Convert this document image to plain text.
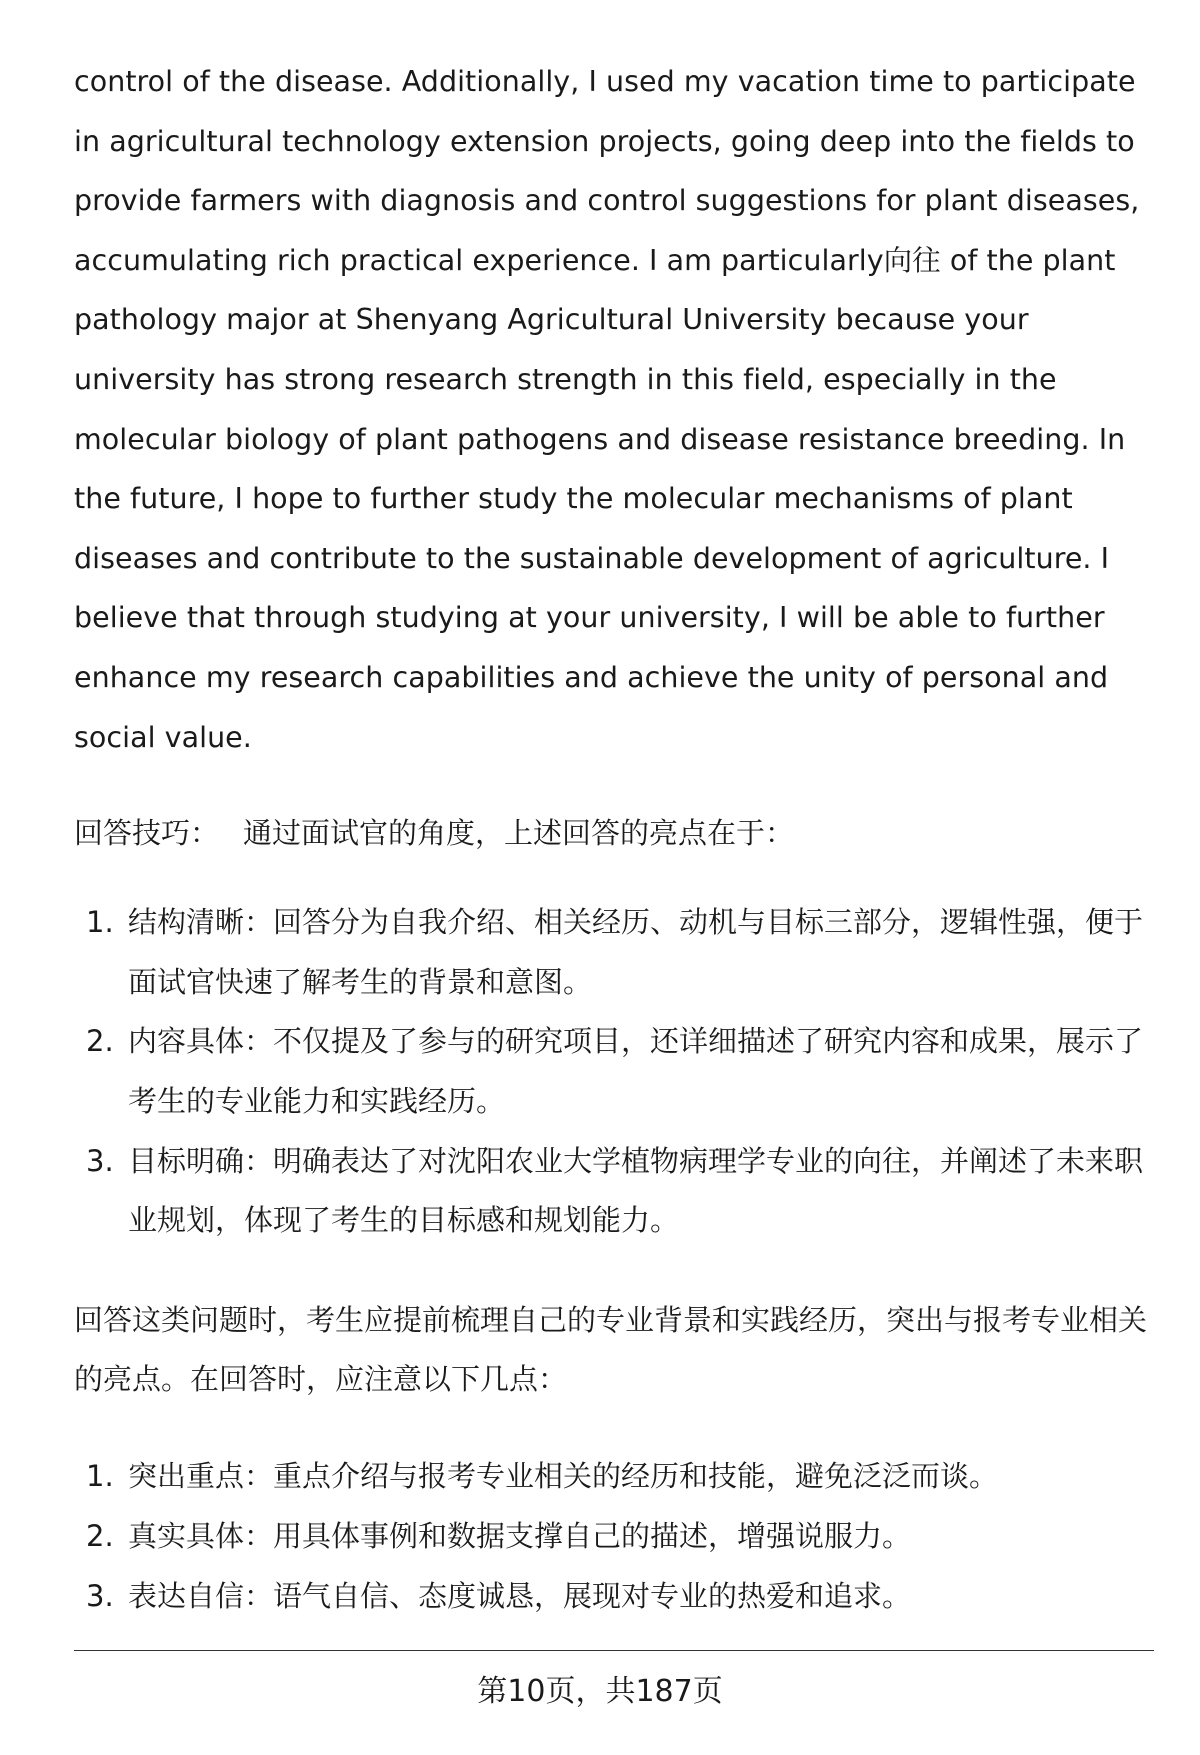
control of the disease. Additionally, I used my vacation time to participate in agricultural technology extension projects, going deep into the fields to provide farmers with diagnosis and control suggestions for plant diseases, accumulating rich practical experience. I am particularly向往 of the plant pathology major at Shenyang Agricultural University because your university has strong research strength in this field, especially in the molecular biology of plant pathogens and disease resistance breeding. In the future, I hope to further study the molecular mechanisms of plant diseases and contribute to the sustainable development of agriculture. I believe that through studying at your university, I will be able to further enhance my research capabilities and achieve the unity of personal and social value.

回答技巧： 通过面试官的角度，上述回答的亮点在于：

1. 结构清晰：回答分为自我介绍、相关经历、动机与目标三部分，逻辑性强，便于面试官快速了解考生的背景和意图。
2. 内容具体：不仅提及了参与的研究项目，还详细描述了研究内容和成果，展示了考生的专业能力和实践经历。
3. 目标明确：明确表达了对沈阳农业大学植物病理学专业的向往，并阐述了未来职业规划，体现了考生的目标感和规划能力。

回答这类问题时，考生应提前梳理自己的专业背景和实践经历，突出与报考专业相关的亮点。在回答时，应注意以下几点：

1. 突出重点：重点介绍与报考专业相关的经历和技能，避免泛泛而谈。
2. 真实具体：用具体事例和数据支撑自己的描述，增强说服力。
3. 表达自信：语气自信、态度诚恳，展现对专业的热爱和追求。
第10页，共187页
